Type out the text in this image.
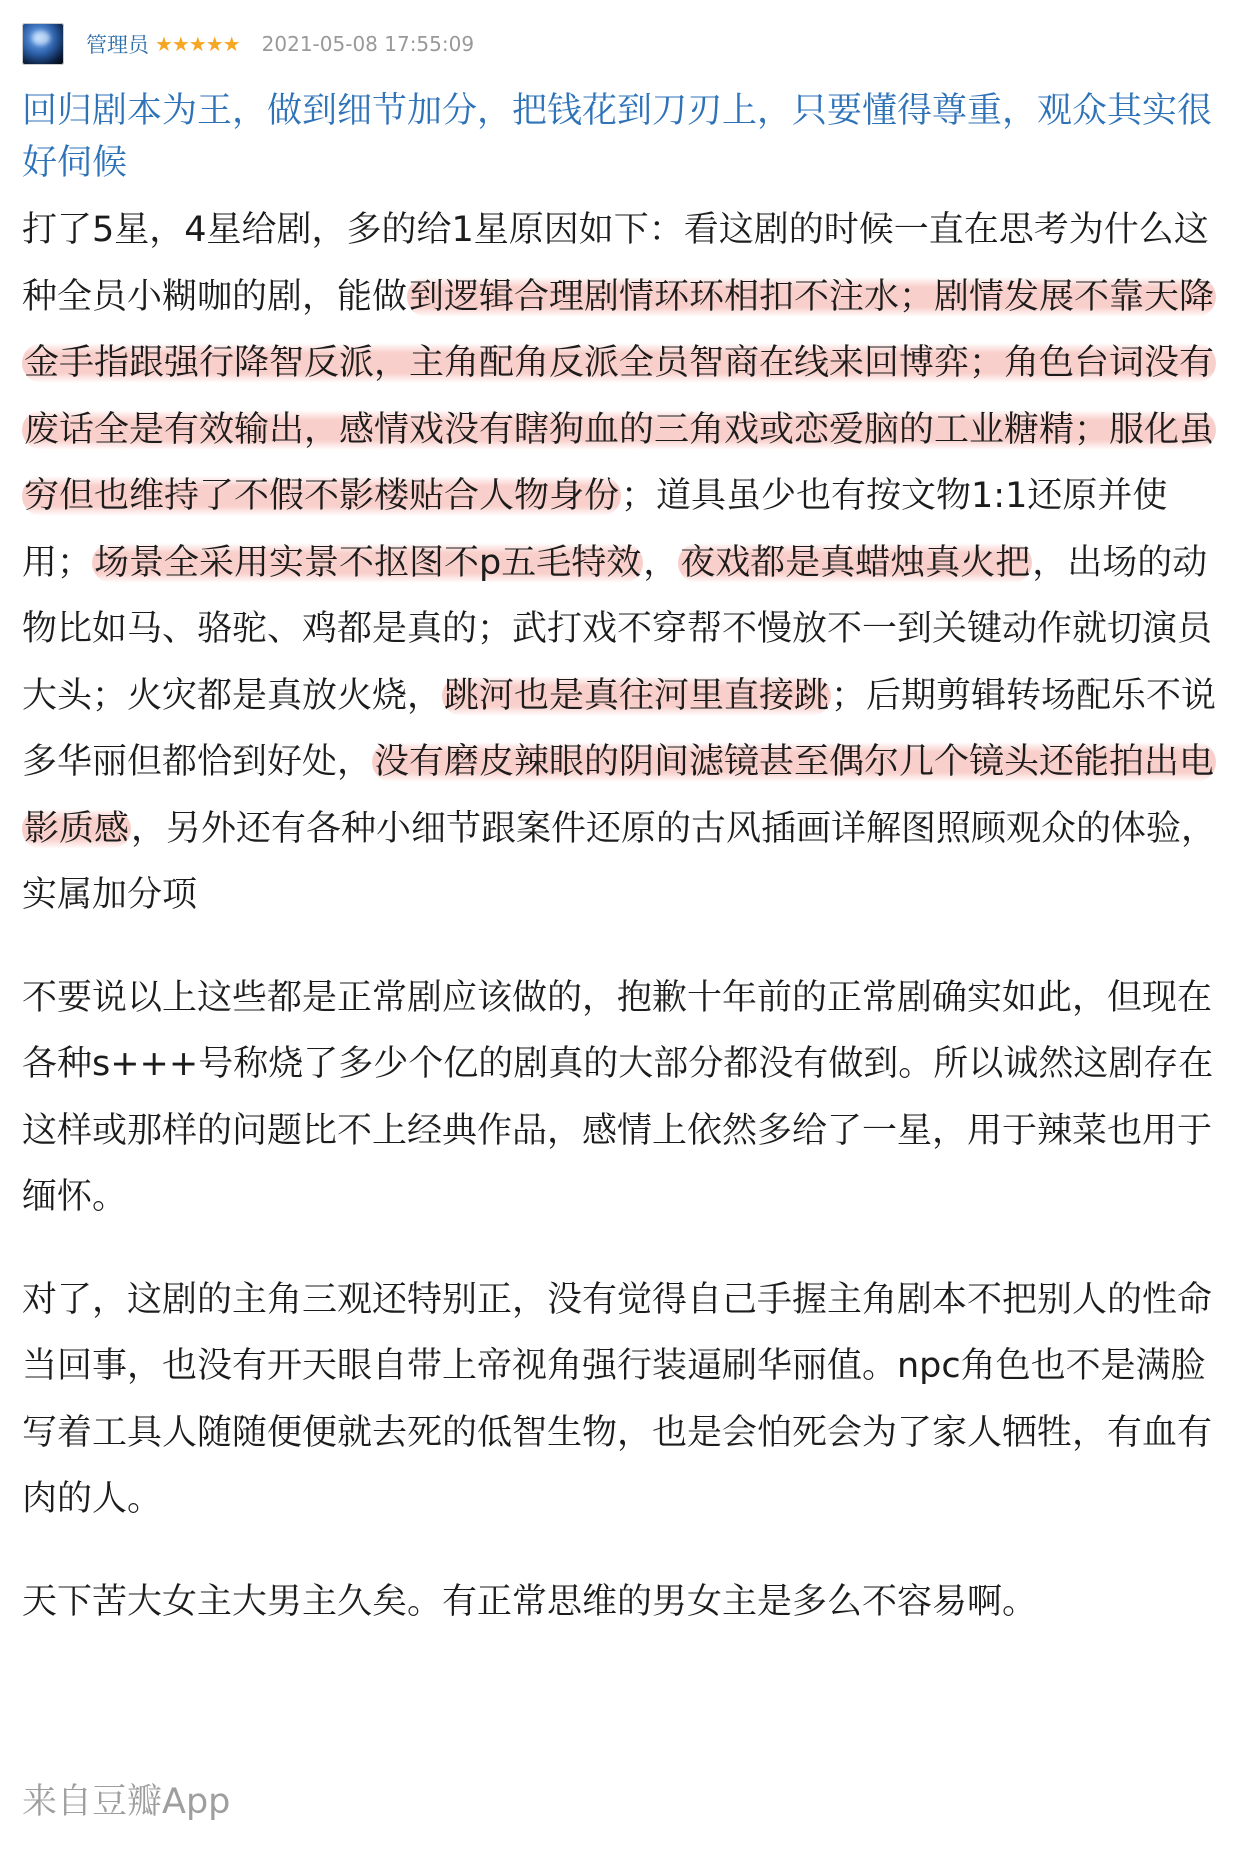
管理员 ★★★★★ 2021-05-08 17:55:09
回归剧本为王，做到细节加分，把钱花到刀刃上，只要懂得尊重，观众其实很好伺候

打了5星，4星给剧，多的给1星原因如下：看这剧的时候一直在思考为什么这种全员小糊咖的剧，能做到逻辑合理剧情环环相扣不注水；剧情发展不靠天降金手指跟强行降智反派，主角配角反派全员智商在线来回博弈；角色台词没有废话全是有效输出，感情戏没有瞎狗血的三角戏或恋爱脑的工业糖精；服化虽穷但也维持了不假不影楼贴合人物身份；道具虽少也有按文物1:1还原并使用；场景全采用实景不抠图不p五毛特效，夜戏都是真蜡烛真火把，出场的动物比如马、骆驼、鸡都是真的；武打戏不穿帮不慢放不一到关键动作就切演员大头；火灾都是真放火烧，跳河也是真往河里直接跳；后期剪辑转场配乐不说多华丽但都恰到好处，没有磨皮辣眼的阴间滤镜甚至偶尔几个镜头还能拍出电影质感，另外还有各种小细节跟案件还原的古风插画详解图照顾观众的体验，实属加分项

不要说以上这些都是正常剧应该做的，抱歉十年前的正常剧确实如此，但现在各种s+++号称烧了多少个亿的剧真的大部分都没有做到。所以诚然这剧存在这样或那样的问题比不上经典作品，感情上依然多给了一星，用于辣菜也用于缅怀。

对了，这剧的主角三观还特别正，没有觉得自己手握主角剧本不把别人的性命当回事，也没有开天眼自带上帝视角强行装逼刷华丽值。npc角色也不是满脸写着工具人随随便便就去死的低智生物，也是会怕死会为了家人牺牲，有血有肉的人。

天下苦大女主大男主久矣。有正常思维的男女主是多么不容易啊。

来自豆瓣App
